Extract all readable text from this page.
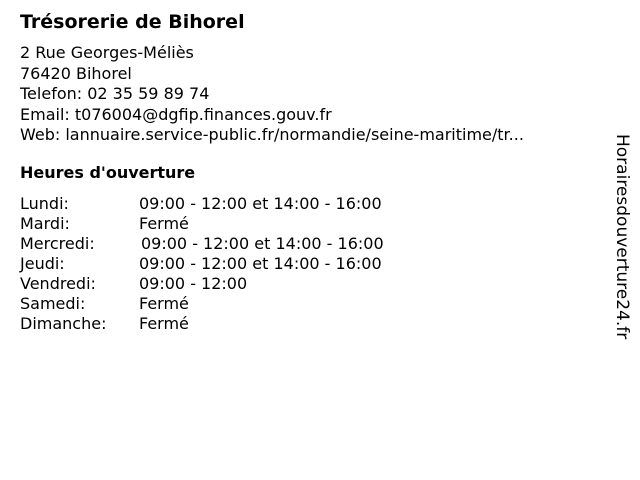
Trésorerie de Bihorel
2 Rue Georges-Méliès
76420 Bihorel
Telefon: 02 35 59 89 74
Email: t076004@dgfip.finances.gouv.fr
Web: lannuaire.service-public.fr/normandie/seine-maritime/tr...
Heures d'ouverture
Lundi:	09:00 - 12:00 et 14:00 - 16:00
Mardi:	Fermé
Mercredi:	09:00 - 12:00 et 14:00 - 16:00
Jeudi:	09:00 - 12:00 et 14:00 - 16:00
Vendredi:	09:00 - 12:00
Samedi:	Fermé
Dimanche: Fermé	Horairesdouverture24.fr
